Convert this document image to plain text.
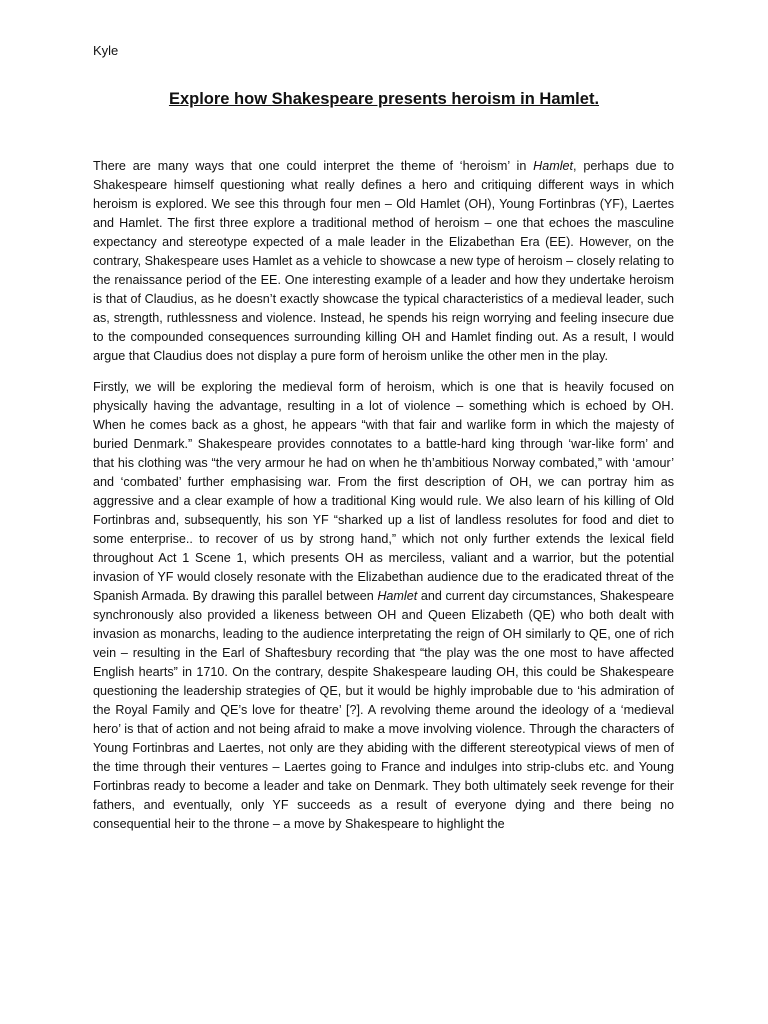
Kyle
Explore how Shakespeare presents heroism in Hamlet.

There are many ways that one could interpret the theme of ‘heroism’ in Hamlet, perhaps due to Shakespeare himself questioning what really defines a hero and critiquing different ways in which heroism is explored. We see this through four men – Old Hamlet (OH), Young Fortinbras (YF), Laertes and Hamlet. The first three explore a traditional method of heroism – one that echoes the masculine expectancy and stereotype expected of a male leader in the Elizabethan Era (EE). However, on the contrary, Shakespeare uses Hamlet as a vehicle to showcase a new type of heroism – closely relating to the renaissance period of the EE. One interesting example of a leader and how they undertake heroism is that of Claudius, as he doesn’t exactly showcase the typical characteristics of a medieval leader, such as, strength, ruthlessness and violence. Instead, he spends his reign worrying and feeling insecure due to the compounded consequences surrounding killing OH and Hamlet finding out. As a result, I would argue that Claudius does not display a pure form of heroism unlike the other men in the play.

Firstly, we will be exploring the medieval form of heroism, which is one that is heavily focused on physically having the advantage, resulting in a lot of violence – something which is echoed by OH. When he comes back as a ghost, he appears “with that fair and warlike form in which the majesty of buried Denmark.” Shakespeare provides connotates to a battle-hard king through ‘war-like form’ and that his clothing was “the very armour he had on when he th’ambitious Norway combated,” with ‘amour’ and ‘combated’ further emphasising war. From the first description of OH, we can portray him as aggressive and a clear example of how a traditional King would rule. We also learn of his killing of Old Fortinbras and, subsequently, his son YF “sharked up a list of landless resolutes for food and diet to some enterprise.. to recover of us by strong hand,” which not only further extends the lexical field throughout Act 1 Scene 1, which presents OH as merciless, valiant and a warrior, but the potential invasion of YF would closely resonate with the Elizabethan audience due to the eradicated threat of the Spanish Armada. By drawing this parallel between Hamlet and current day circumstances, Shakespeare synchronously also provided a likeness between OH and Queen Elizabeth (QE) who both dealt with invasion as monarchs, leading to the audience interpretating the reign of OH similarly to QE, one of rich vein – resulting in the Earl of Shaftesbury recording that “the play was the one most to have affected English hearts” in 1710. On the contrary, despite Shakespeare lauding OH, this could be Shakespeare questioning the leadership strategies of QE, but it would be highly improbable due to ‘his admiration of the Royal Family and QE’s love for theatre’ [?]. A revolving theme around the ideology of a ‘medieval hero’ is that of action and not being afraid to make a move involving violence. Through the characters of Young Fortinbras and Laertes, not only are they abiding with the different stereotypical views of men of the time through their ventures – Laertes going to France and indulges into strip-clubs etc. and Young Fortinbras ready to become a leader and take on Denmark. They both ultimately seek revenge for their fathers, and eventually, only YF succeeds as a result of everyone dying and there being no consequential heir to the throne – a move by Shakespeare to highlight the
